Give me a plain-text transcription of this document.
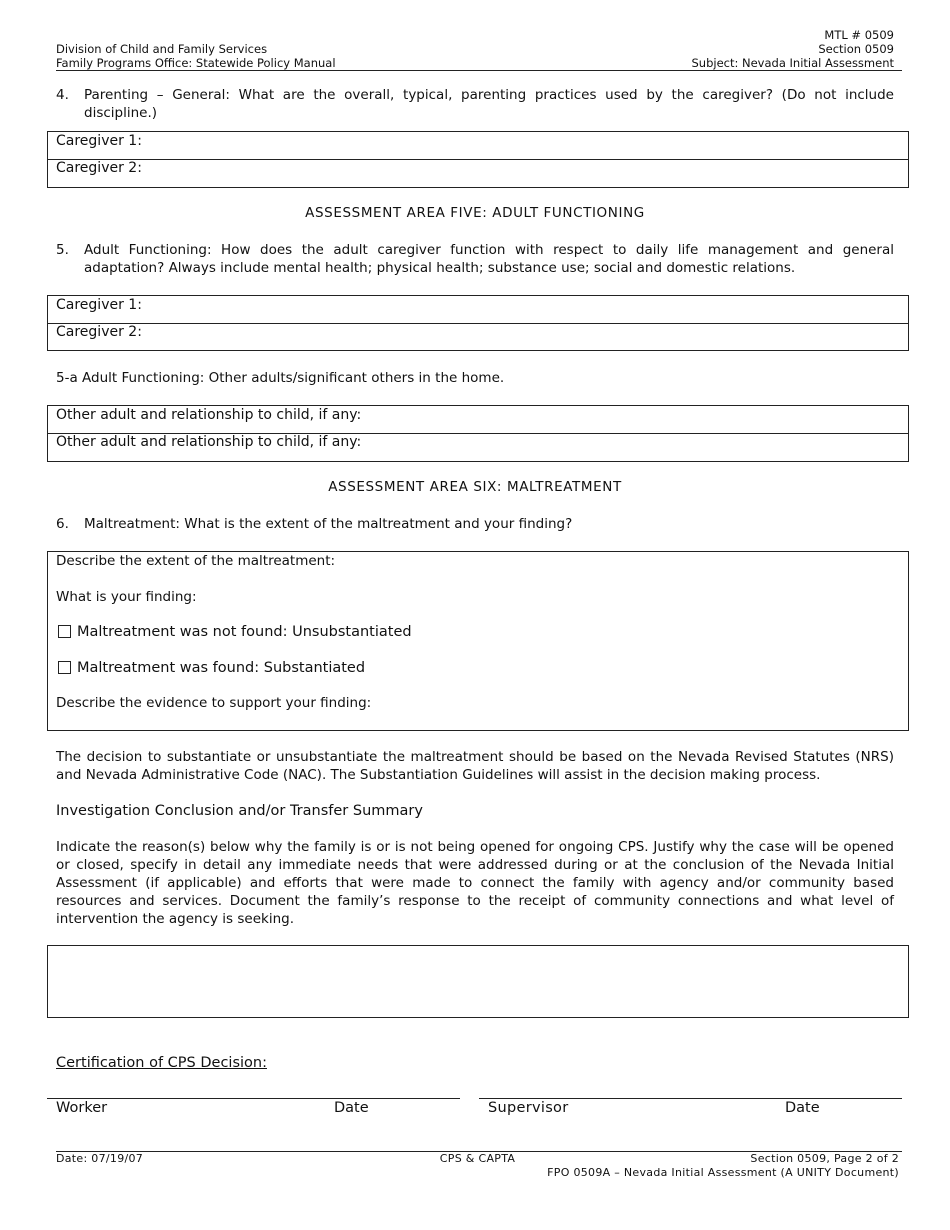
Division of Child and Family Services
Family Programs Office: Statewide Policy Manual
MTL # 0509
Section 0509
Subject: Nevada Initial Assessment
4. Parenting – General: What are the overall, typical, parenting practices used by the caregiver? (Do not include discipline.)
Caregiver 1:
Caregiver 2:
ASSESSMENT AREA FIVE: ADULT FUNCTIONING
5. Adult Functioning: How does the adult caregiver function with respect to daily life management and general adaptation? Always include mental health; physical health; substance use; social and domestic relations.
Caregiver 1:
Caregiver 2:
5-a Adult Functioning: Other adults/significant others in the home.
Other adult and relationship to child, if any:
Other adult and relationship to child, if any:
ASSESSMENT AREA SIX: MALTREATMENT
6. Maltreatment: What is the extent of the maltreatment and your finding?
Describe the extent of the maltreatment:
What is your finding:
Maltreatment was not found: Unsubstantiated
Maltreatment was found: Substantiated
Describe the evidence to support your finding:
The decision to substantiate or unsubstantiate the maltreatment should be based on the Nevada Revised Statutes (NRS) and Nevada Administrative Code (NAC). The Substantiation Guidelines will assist in the decision making process.
Investigation Conclusion and/or Transfer Summary
Indicate the reason(s) below why the family is or is not being opened for ongoing CPS. Justify why the case will be opened or closed, specify in detail any immediate needs that were addressed during or at the conclusion of the Nevada Initial Assessment (if applicable) and efforts that were made to connect the family with agency and/or community based resources and services. Document the family’s response to the receipt of community connections and what level of intervention the agency is seeking.
Certification of CPS Decision:
Worker	Date	Supervisor	Date
Date: 07/19/07	CPS & CAPTA	Section 0509, Page 2 of 2
FPO 0509A – Nevada Initial Assessment (A UNITY Document)
